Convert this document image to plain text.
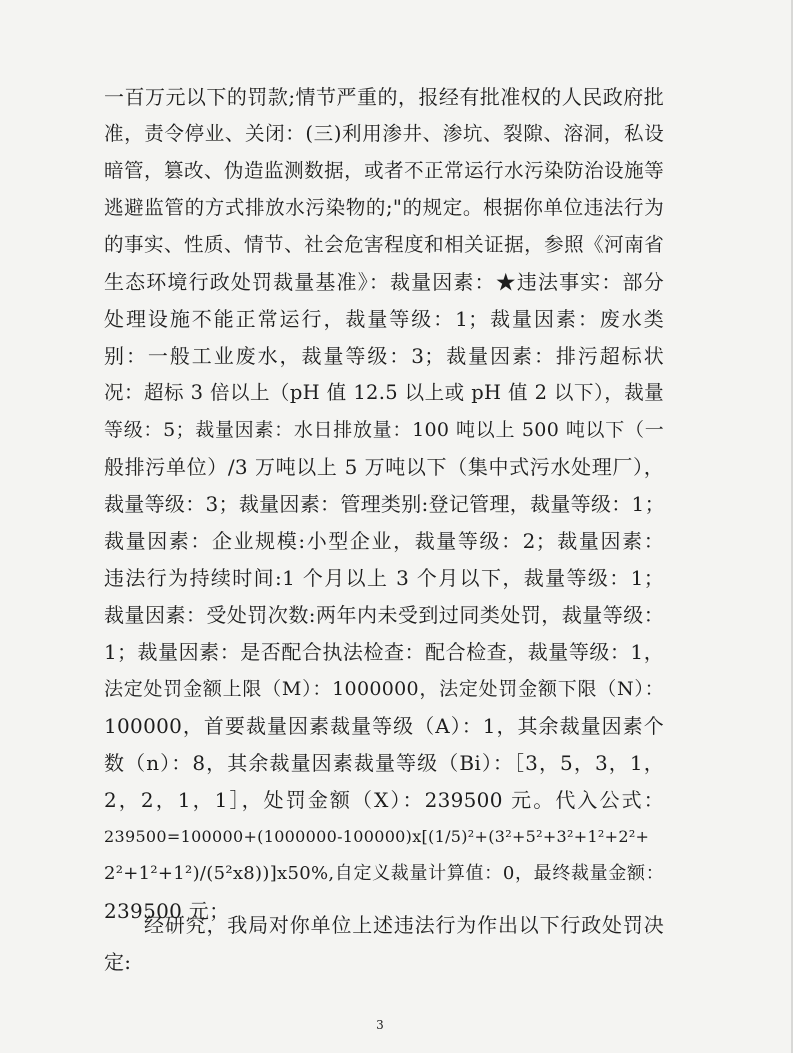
一百万元以下的罚款;情节严重的，报经有批准权的人民政府批
准，责令停业、关闭：(三)利用渗井、渗坑、裂隙、溶洞，私设
暗管，篡改、伪造监测数据，或者不正常运行水污染防治设施等
逃避监管的方式排放水污染物的;"的规定。根据你单位违法行为
的事实、性质、情节、社会危害程度和相关证据，参照《河南省
生态环境行政处罚裁量基准》：裁量因素：★违法事实：部分
处理设施不能正常运行，裁量等级：1；裁量因素：废水类
别：一般工业废水，裁量等级：3；裁量因素：排污超标状
况：超标 3 倍以上（pH 值 12.5 以上或 pH 值 2 以下），裁量
等级：5；裁量因素：水日排放量：100 吨以上 500 吨以下（一
般排污单位）/3 万吨以上 5 万吨以下（集中式污水处理厂），
裁量等级：3；裁量因素：管理类别:登记管理，裁量等级：1；
裁量因素：企业规模:小型企业，裁量等级：2；裁量因素：
违法行为持续时间:1 个月以上 3 个月以下，裁量等级：1；
裁量因素：受处罚次数:两年内未受到过同类处罚，裁量等级：
1；裁量因素：是否配合执法检查：配合检查，裁量等级：1，
法定处罚金额上限（M）：1000000，法定处罚金额下限（N）：
100000，首要裁量因素裁量等级（A）：1，其余裁量因素个
数（n）：8，其余裁量因素裁量等级（Bi）：［3，5，3，1，
2，2，1，1］，处罚金额（X）：239500 元。代入公式：
239500=100000+(1000000-100000)x[(1/5)²+(3²+5²+3²+1²+2²+
2²+1²+1²)/(5²x8))]x50%,自定义裁量计算值：0，最终裁量金额：
239500 元；
经研究，我局对你单位上述违法行为作出以下行政处罚决
定:
3
